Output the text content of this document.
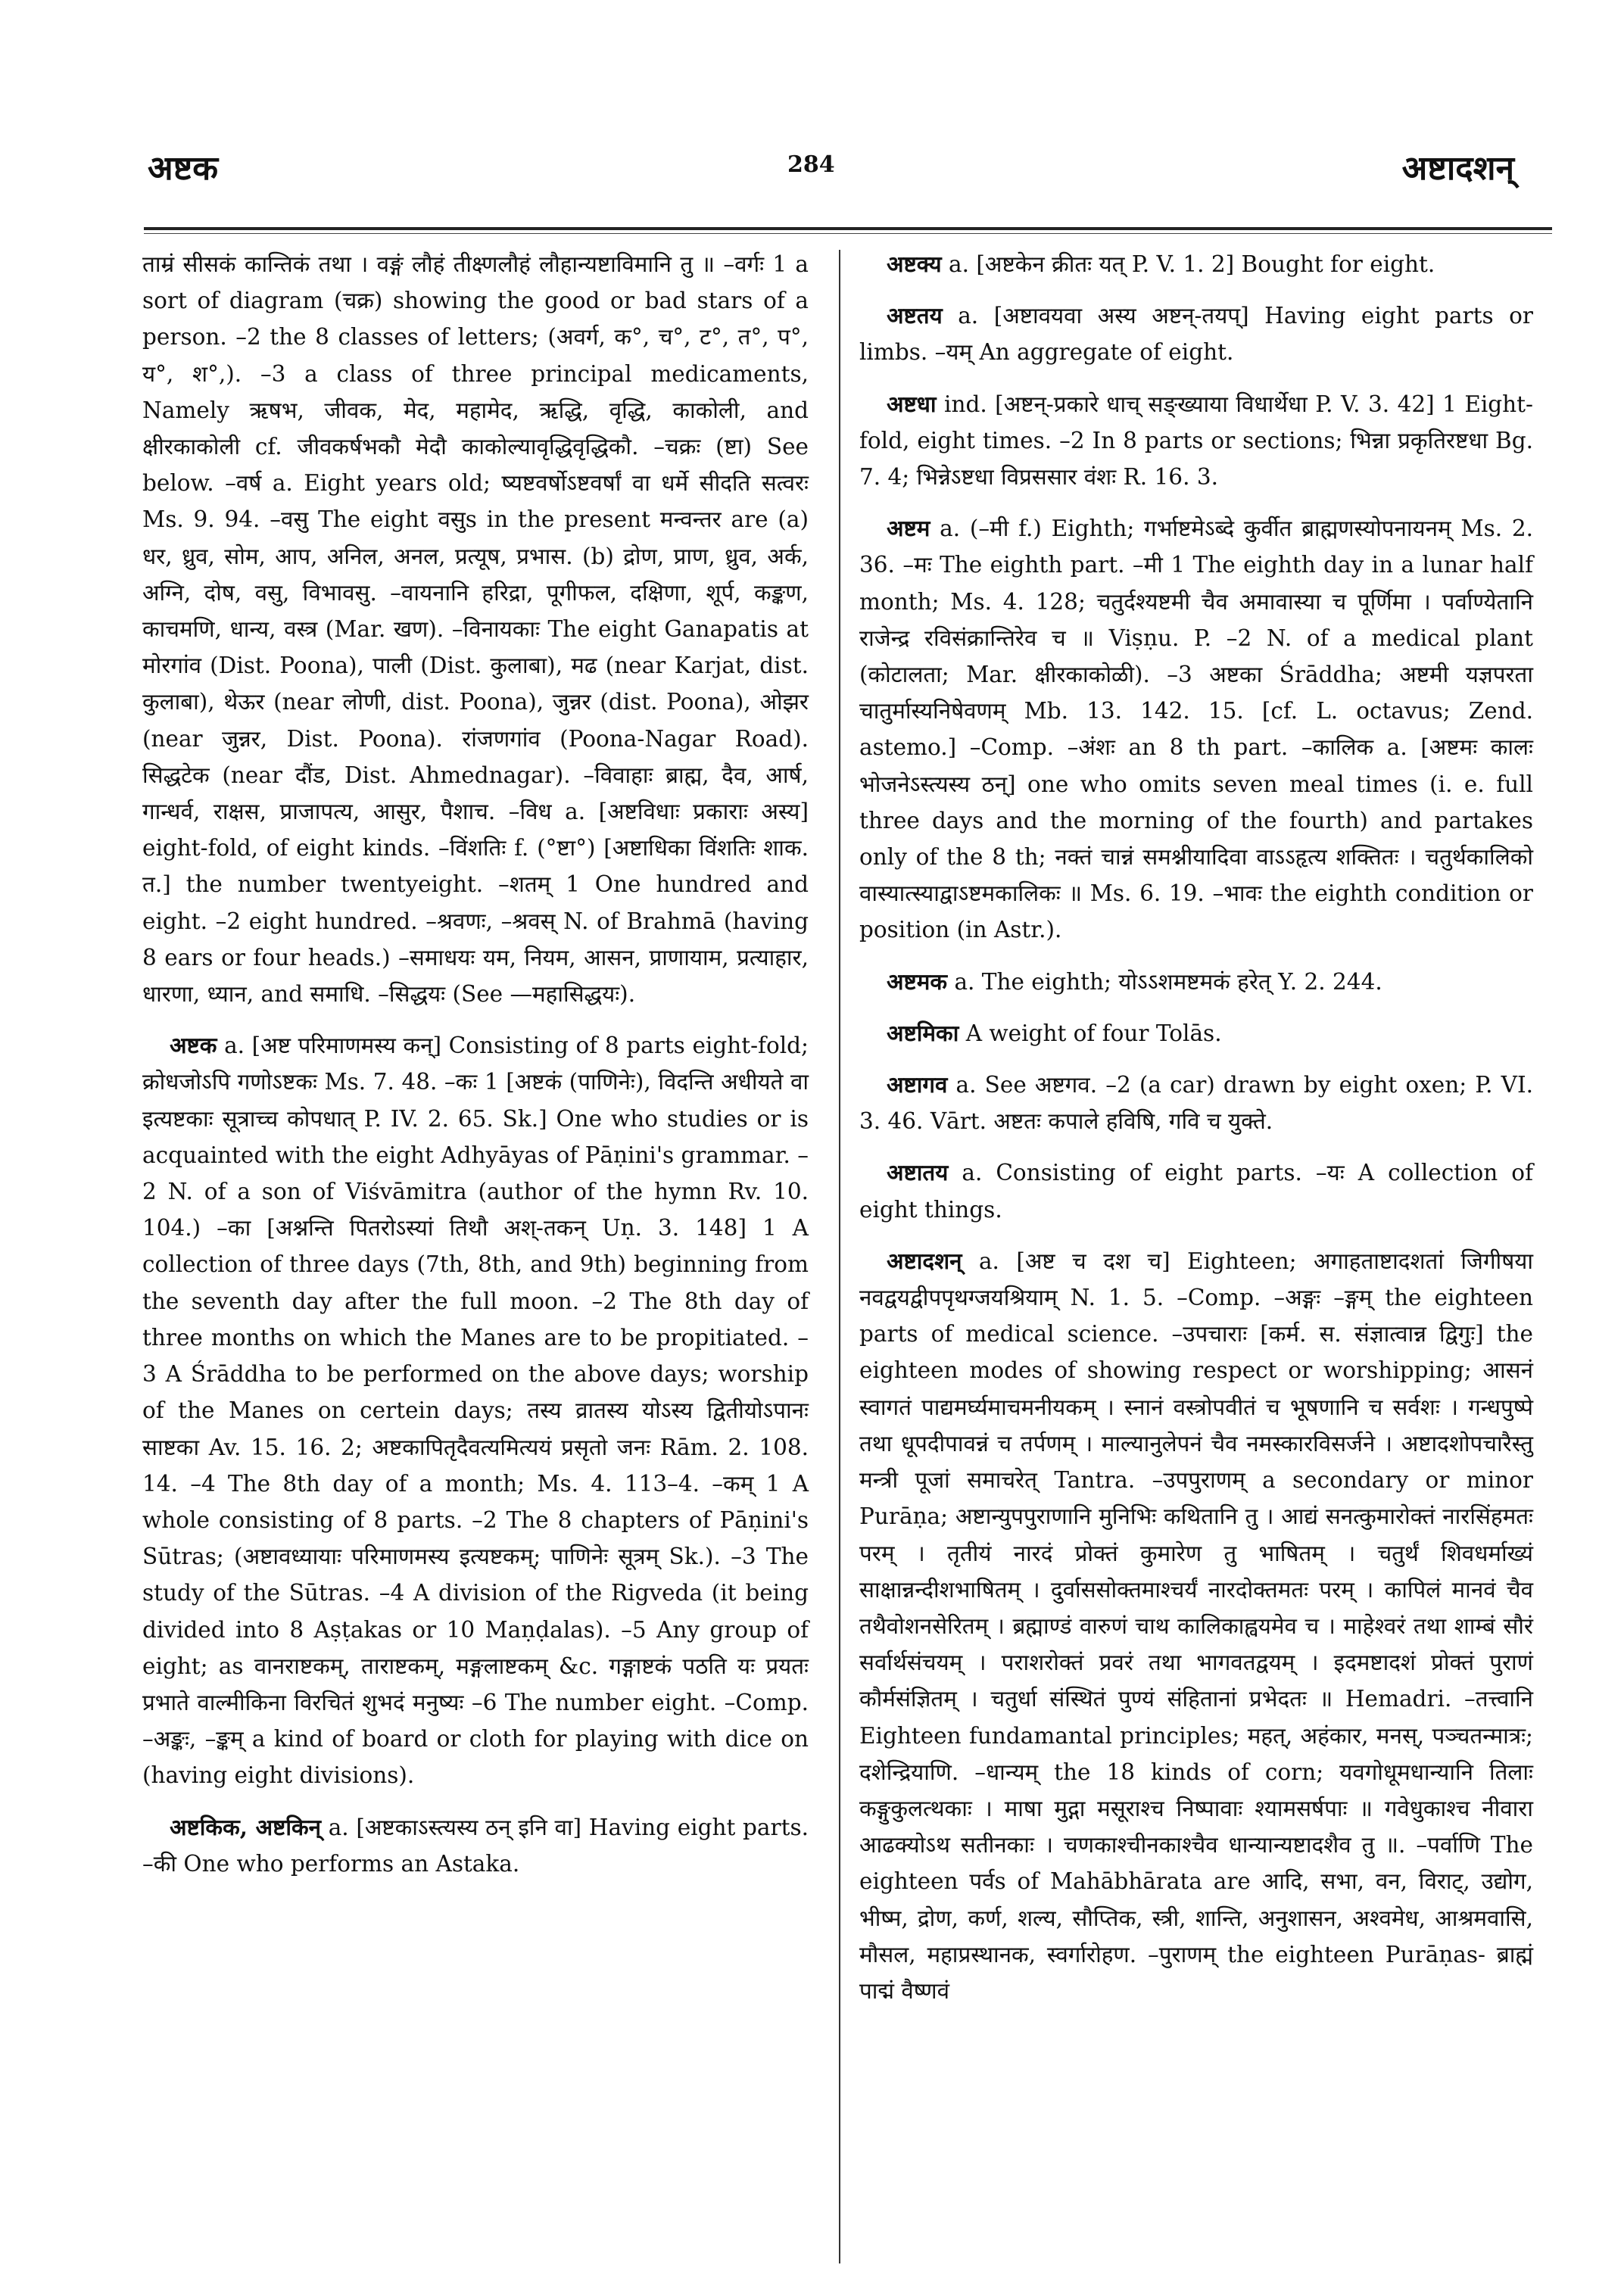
अष्टक	284	अष्टादशन्

ताम्रं सीसकं कान्तिकं तथा । वङ्गं लौहं तीक्ष्णलौहं लौहान्यष्टाविमानि तु ॥ –वर्गः 1 a sort of diagram (चक्र) showing the good or bad stars of a person. –2 the 8 classes of letters; (अवर्ग, क°, च°, ट°, त°, प°, य°, श°,). –3 a class of three principal medicaments, Namely ऋषभ, जीवक, मेद, महामेद, ऋद्धि, वृद्धि, काकोली, and क्षीरकाकोली cf. जीवकर्षभकौ मेदौ काकोल्यावृद्धिवृद्धिकौ. –चक्रः (ष्टा) See below. –वर्ष a. Eight years old; ष्यष्टवर्षोऽष्टवर्षां वा धर्मे सीदति सत्वरः Ms. 9. 94. –वसु The eight वसुs in the present मन्वन्तर are (a) धर, ध्रुव, सोम, आप, अनिल, अनल, प्रत्यूष, प्रभास. (b) द्रोण, प्राण, ध्रुव, अर्क, अग्नि, दोष, वसु, विभावसु. –वायनानि हरिद्रा, पूगीफल, दक्षिणा, शूर्प, कङ्कण, काचमणि, धान्य, वस्त्र (Mar. खण). –विनायकाः The eight Ganapatis at मोरगांव (Dist. Poona), पाली (Dist. कुलाबा), मढ (near Karjat, dist. कुलाबा), थेऊर (near लोणी, dist. Poona), जुन्नर (dist. Poona), ओझर (near जुन्नर, Dist. Poona). रांजणगांव (Poona-Nagar Road). सिद्धटेक (near दौंड, Dist. Ahmednagar). –विवाहाः ब्राह्म, दैव, आर्ष, गान्धर्व, राक्षस, प्राजापत्य, आसुर, पैशाच. –विध a. [अष्टविधाः प्रकाराः अस्य] eight-fold, of eight kinds. –विंशतिः f. (°ष्टा°) [अष्टाधिका विंशतिः शाक. त.] the number twentyeight. –शतम् 1 One hundred and eight. –2 eight hundred. –श्रवणः, –श्रवस् N. of Brahmā (having 8 ears or four heads.) –समाधयः यम, नियम, आसन, प्राणायाम, प्रत्याहार, धारणा, ध्यान, and समाधि. –सिद्धयः (See —महासिद्धयः).

अष्टक a. [अष्ट परिमाणमस्य कन्] Consisting of 8 parts eight-fold; क्रोधजोऽपि गणोऽष्टकः Ms. 7. 48. –कः 1 [अष्टकं (पाणिनेः), विदन्ति अधीयते वा इत्यष्टकाः सूत्राच्च कोपधात् P. IV. 2. 65. Sk.] One who studies or is acquainted with the eight Adhyāyas of Pāṇini's grammar. –2 N. of a son of Viśvāmitra (author of the hymn Rv. 10. 104.) –का [अश्नन्ति पितरोऽस्यां तिथौ अश्-तकन् Uṇ. 3. 148] 1 A collection of three days (7th, 8th, and 9th) beginning from the seventh day after the full moon. –2 The 8th day of three months on which the Manes are to be propitiated. –3 A Śrāddha to be performed on the above days; worship of the Manes on certein days; तस्य व्रातस्य योऽस्य द्वितीयोऽपानः साष्टका Av. 15. 16. 2; अष्टकापितृदैवत्यमित्ययं प्रसृतो जनः Rām. 2. 108. 14. –4 The 8th day of a month; Ms. 4. 113–4. –कम् 1 A whole consisting of 8 parts. –2 The 8 chapters of Pāṇini's Sūtras; (अष्टावध्यायाः परिमाणमस्य इत्यष्टकम्; पाणिनेः सूत्रम् Sk.). –3 The study of the Sūtras. –4 A division of the Rigveda (it being divided into 8 Aṣṭakas or 10 Maṇḍalas). –5 Any group of eight; as वानराष्टकम्, ताराष्टकम्, मङ्गलाष्टकम् &c. गङ्गाष्टकं पठति यः प्रयतः प्रभाते वाल्मीकिना विरचितं शुभदं मनुष्यः –6 The number eight. –Comp. –अङ्कः, –ङ्कम् a kind of board or cloth for playing with dice on (having eight divisions).

अष्टकिक, अष्टकिन् a. [अष्टकाऽस्त्यस्य ठन् इनि वा] Having eight parts. –की One who performs an Astaka.

अष्टक्य a. [अष्टकेन क्रीतः यत् P. V. 1. 2] Bought for eight.

अष्टतय a. [अष्टावयवा अस्य अष्टन्-तयप्] Having eight parts or limbs. –यम् An aggregate of eight.

अष्टधा ind. [अष्टन्-प्रकारे धाच् सङ्ख्याया विधार्थेधा P. V. 3. 42] 1 Eight-fold, eight times. –2 In 8 parts or sections; भिन्ना प्रकृतिरष्टधा Bg. 7. 4; भिन्नेऽष्टधा विप्रससार वंशः R. 16. 3.

अष्टम a. (–मी f.) Eighth; गर्भाष्टमेऽब्दे कुर्वीत ब्राह्मणस्योपनायनम् Ms. 2. 36. –मः The eighth part. –मी 1 The eighth day in a lunar half month; Ms. 4. 128; चतुर्दश्यष्टमी चैव अमावास्या च पूर्णिमा । पर्वाण्येतानि राजेन्द्र रविसंक्रान्तिरेव च ॥ Viṣṇu. P. –2 N. of a medical plant (कोटालता; Mar. क्षीरकाकोळी). –3 अष्टका Śrāddha; अष्टमी यज्ञपरता चातुर्मास्यनिषेवणम् Mb. 13. 142. 15. [cf. L. octavus; Zend. astemo.] –Comp. –अंशः an 8 th part. –कालिक a. [अष्टमः कालः भोजनेऽस्त्यस्य ठन्] one who omits seven meal times (i. e. full three days and the morning of the fourth) and partakes only of the 8 th; नक्तं चान्नं समश्नीयादिवा वाऽऽहृत्य शक्तितः । चतुर्थकालिको वास्यात्स्याद्वाऽष्टमकालिकः ॥ Ms. 6. 19. –भावः the eighth condition or position (in Astr.).

अष्टमक a. The eighth; योऽऽशमष्टमकं हरेत् Y. 2. 244.

अष्टमिका A weight of four Tolās.

अष्टागव a. See अष्टगव. –2 (a car) drawn by eight oxen; P. VI. 3. 46. Vārt. अष्टतः कपाले हविषि, गवि च युक्ते.

अष्टातय a. Consisting of eight parts. –यः A collection of eight things.

अष्टादशन् a. [अष्ट च दश च] Eighteen; अगाहताष्टादशतां जिगीषया नवद्वयद्वीपपृथग्जयश्रियाम् N. 1. 5. –Comp. –अङ्गः –ङ्गम् the eighteen parts of medical science. –उपचाराः [कर्म. स. संज्ञात्वान्न द्विगुः] the eighteen modes of showing respect or worshipping; आसनं स्वागतं पाद्यमर्घ्यमाचमनीयकम् । स्नानं वस्त्रोपवीतं च भूषणानि च सर्वशः । गन्धपुष्पे तथा धूपदीपावन्नं च तर्पणम् । माल्यानुलेपनं चैव नमस्कारविसर्जने । अष्टादशोपचारैस्तु मन्त्री पूजां समाचरेत् Tantra. –उपपुराणम् a secondary or minor Purāṇa; अष्टान्युपपुराणानि मुनिभिः कथितानि तु । आद्यं सनत्कुमारोक्तं नारसिंहमतः परम् । तृतीयं नारदं प्रोक्तं कुमारेण तु भाषितम् । चतुर्थं शिवधर्माख्यं साक्षान्नन्दीशभाषितम् । दुर्वाससोक्तमाश्चर्यं नारदोक्तमतः परम् । कापिलं मानवं चैव तथैवोशनसेरितम् । ब्रह्माण्डं वारुणं चाथ कालिकाह्वयमेव च । माहेश्वरं तथा शाम्बं सौरं सर्वार्थसंचयम् । पराशरोक्तं प्रवरं तथा भागवतद्वयम् । इदमष्टादशं प्रोक्तं पुराणं कौर्मसंज्ञितम् । चतुर्धा संस्थितं पुण्यं संहितानां प्रभेदतः ॥ Hemadri. –तत्त्वानि Eighteen fundamantal principles; महत्, अहंकार, मनस्, पञ्चतन्मात्रः; दशेन्द्रियाणि. –धान्यम् the 18 kinds of corn; यवगोधूमधान्यानि तिलाः कङ्गुकुलत्थकाः । माषा मुद्गा मसूराश्च निष्पावाः श्यामसर्षपाः ॥ गवेधुकाश्च नीवारा आढक्योऽथ सतीनकाः । चणकाश्चीनकाश्चैव धान्यान्यष्टादशैव तु ॥. –पर्वाणि The eighteen पर्वs of Mahābhārata are आदि, सभा, वन, विराट्, उद्योग, भीष्म, द्रोण, कर्ण, शल्य, सौप्तिक, स्त्री, शान्ति, अनुशासन, अश्वमेध, आश्रमवासि, मौसल, महाप्रस्थानक, स्वर्गारोहण. –पुराणम् the eighteen Purāṇas- ब्राह्मं पाद्मं वैष्णवं
